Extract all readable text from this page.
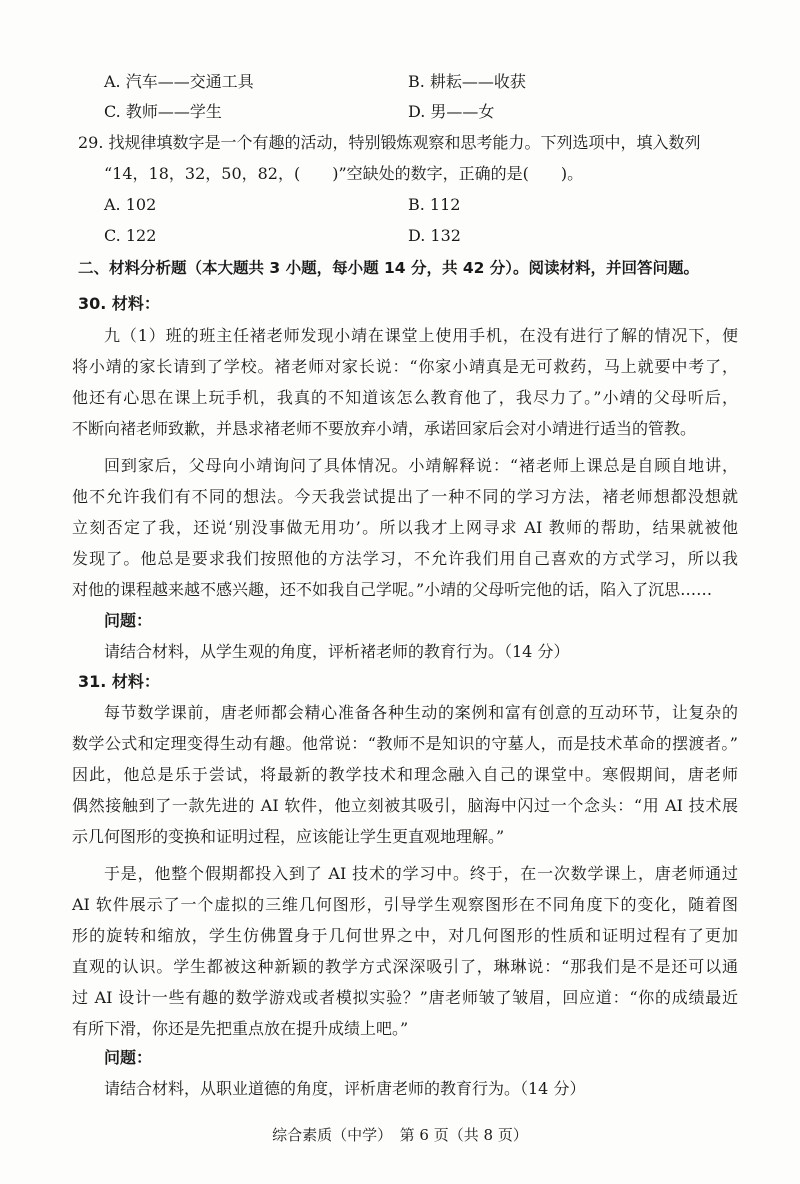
A. 汽车——交通工具	B. 耕耘——收获
C. 教师——学生	D. 男——女
29. 找规律填数字是一个有趣的活动，特别锻炼观察和思考能力。下列选项中，填入数列
“14，18，32，50，82，(　　)”空缺处的数字，正确的是(　　)。
A. 102	B. 112
C. 122	D. 132
二、材料分析题（本大题共 3 小题，每小题 14 分，共 42 分）。阅读材料，并回答问题。
30. 材料：
九（1）班的班主任褚老师发现小靖在课堂上使用手机，在没有进行了解的情况下，便
将小靖的家长请到了学校。褚老师对家长说：“你家小靖真是无可救药，马上就要中考了，
他还有心思在课上玩手机，我真的不知道该怎么教育他了，我尽力了。”小靖的父母听后，
不断向褚老师致歉，并恳求褚老师不要放弃小靖，承诺回家后会对小靖进行适当的管教。
回到家后，父母向小靖询问了具体情况。小靖解释说：“褚老师上课总是自顾自地讲，
他不允许我们有不同的想法。今天我尝试提出了一种不同的学习方法，褚老师想都没想就
立刻否定了我，还说‘别没事做无用功’。所以我才上网寻求 AI 教师的帮助，结果就被他
发现了。他总是要求我们按照他的方法学习，不允许我们用自己喜欢的方式学习，所以我
对他的课程越来越不感兴趣，还不如我自己学呢。”小靖的父母听完他的话，陷入了沉思……
问题：
请结合材料，从学生观的角度，评析褚老师的教育行为。（14 分）
31. 材料：
每节数学课前，唐老师都会精心准备各种生动的案例和富有创意的互动环节，让复杂的
数学公式和定理变得生动有趣。他常说：“教师不是知识的守墓人，而是技术革命的摆渡者。”
因此，他总是乐于尝试，将最新的教学技术和理念融入自己的课堂中。寒假期间，唐老师
偶然接触到了一款先进的 AI 软件，他立刻被其吸引，脑海中闪过一个念头：“用 AI 技术展
示几何图形的变换和证明过程，应该能让学生更直观地理解。”
于是，他整个假期都投入到了 AI 技术的学习中。终于，在一次数学课上，唐老师通过
AI 软件展示了一个虚拟的三维几何图形，引导学生观察图形在不同角度下的变化，随着图
形的旋转和缩放，学生仿佛置身于几何世界之中，对几何图形的性质和证明过程有了更加
直观的认识。学生都被这种新颖的教学方式深深吸引了，琳琳说：“那我们是不是还可以通
过 AI 设计一些有趣的数学游戏或者模拟实验？”唐老师皱了皱眉，回应道：“你的成绩最近
有所下滑，你还是先把重点放在提升成绩上吧。”
问题：
请结合材料，从职业道德的角度，评析唐老师的教育行为。（14 分）
综合素质（中学）　第 6 页（共 8 页）
